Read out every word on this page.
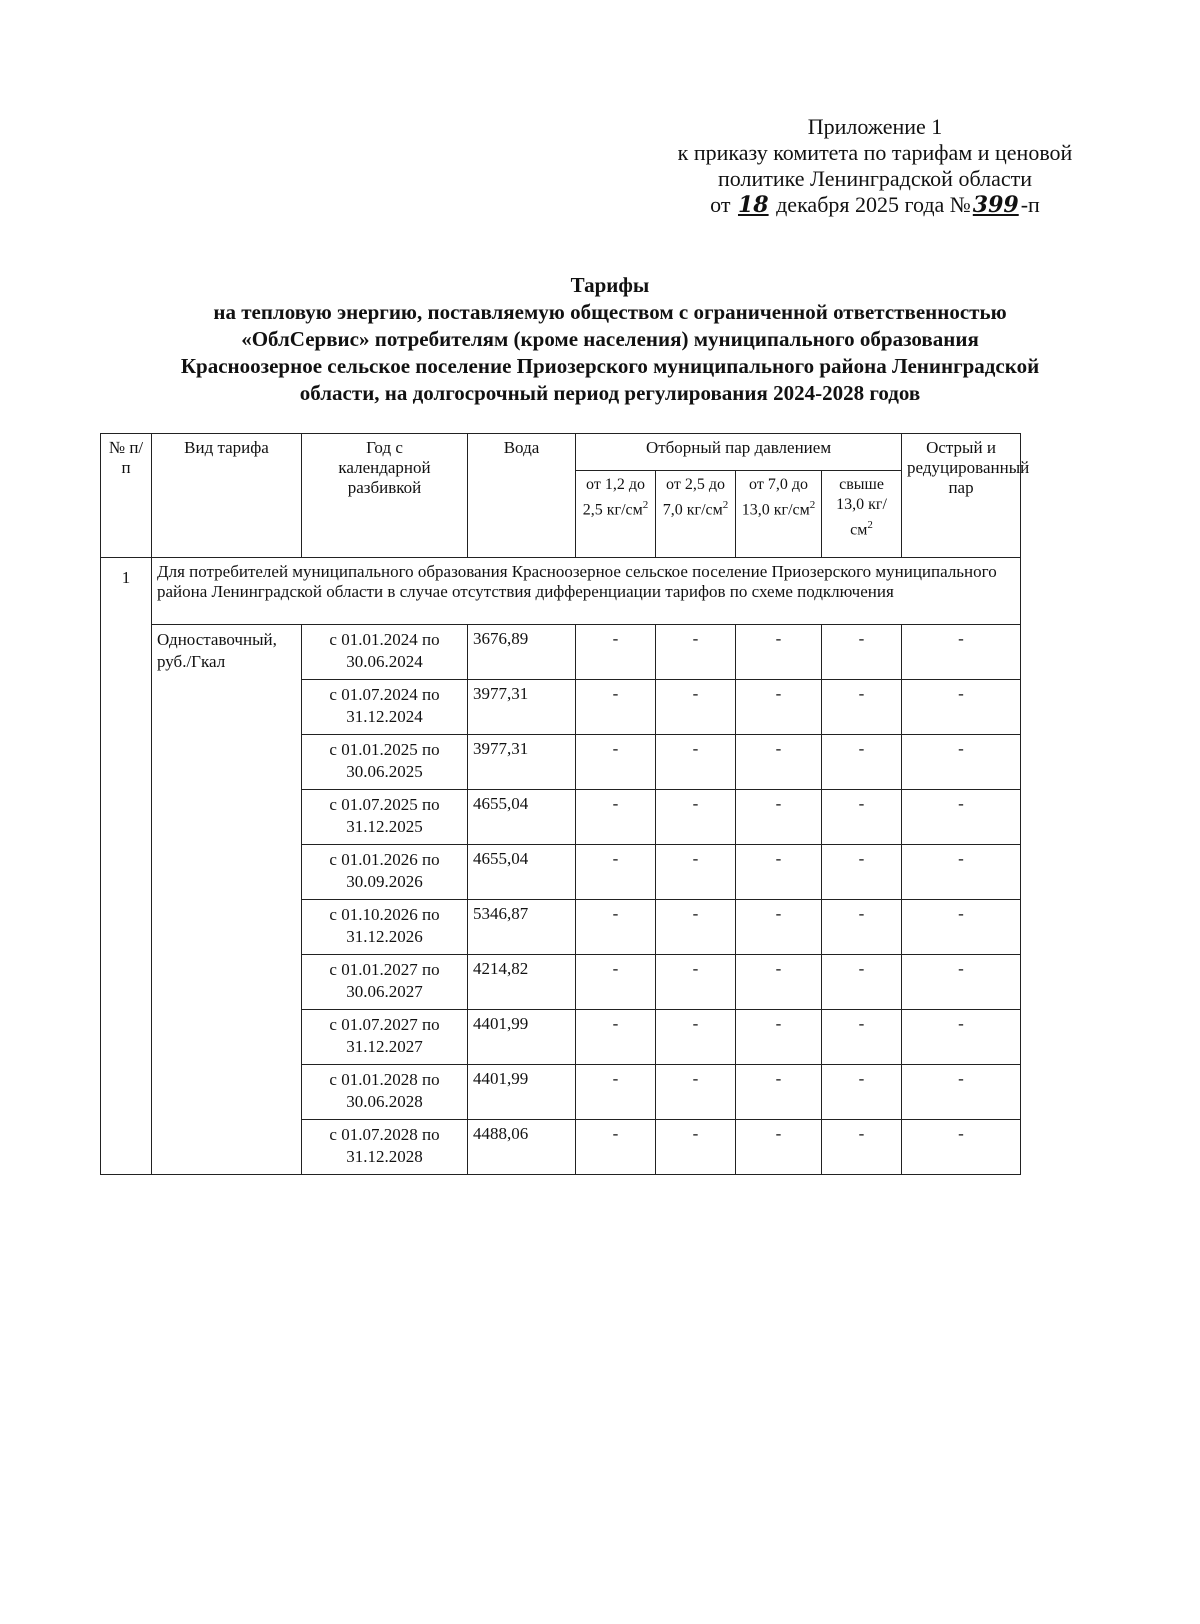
Приложение 1
к приказу комитета по тарифам и ценовой
политике Ленинградской области
от 18 декабря 2025 года №399-п

Тарифы

на тепловую энергию, поставляемую обществом с ограниченной ответственностью

«ОблСервис» потребителям (кроме населения) муниципального образования

Красноозерное сельское поселение Приозерского муниципального района Ленинградской

области, на долгосрочный период регулирования 2024-2028 годов

№ п/п	Вид тарифа	Год с календарной разбивкой	Вода	Отборный пар давлением				Острый и редуцированный пар
				от 1,2 до 2,5 $кг/см^2$	от 2,5 до 7,0 $кг/см^2$	от 7,0 до 13,0 $кг/см^2$	свыше 13,0 $кг/см^2$
1	Для потребителей муниципального образования Красноозерное сельское поселение Приозерского муниципального района Ленинградской области в случае отсутствия дифференциации тарифов по схеме подключения							
	Одноставочный, руб./Гкал	с 01.01.2024 по 30.06.2024	3676,89	-	-	-	-	-
		с 01.07.2024 по 31.12.2024	3977,31	-	-	-	-	-
		с 01.01.2025 по 30.06.2025	3977,31	-	-	-	-	-
		с 01.07.2025 по 31.12.2025	4655,04	-	-	-	-	-
		с 01.01.2026 по 30.09.2026	4655,04	-	-	-	-	-
		с 01.10.2026 по 31.12.2026	5346,87	-	-	-	-	-
		с 01.01.2027 по 30.06.2027	4214,82	-	-	-	-	-
		с 01.07.2027 по 31.12.2027	4401,99	-	-	-	-	-
		с 01.01.2028 по 30.06.2028	4401,99	-	-	-	-	-
		с 01.07.2028 по 31.12.2028	4488,06	-	-	-	-	-
